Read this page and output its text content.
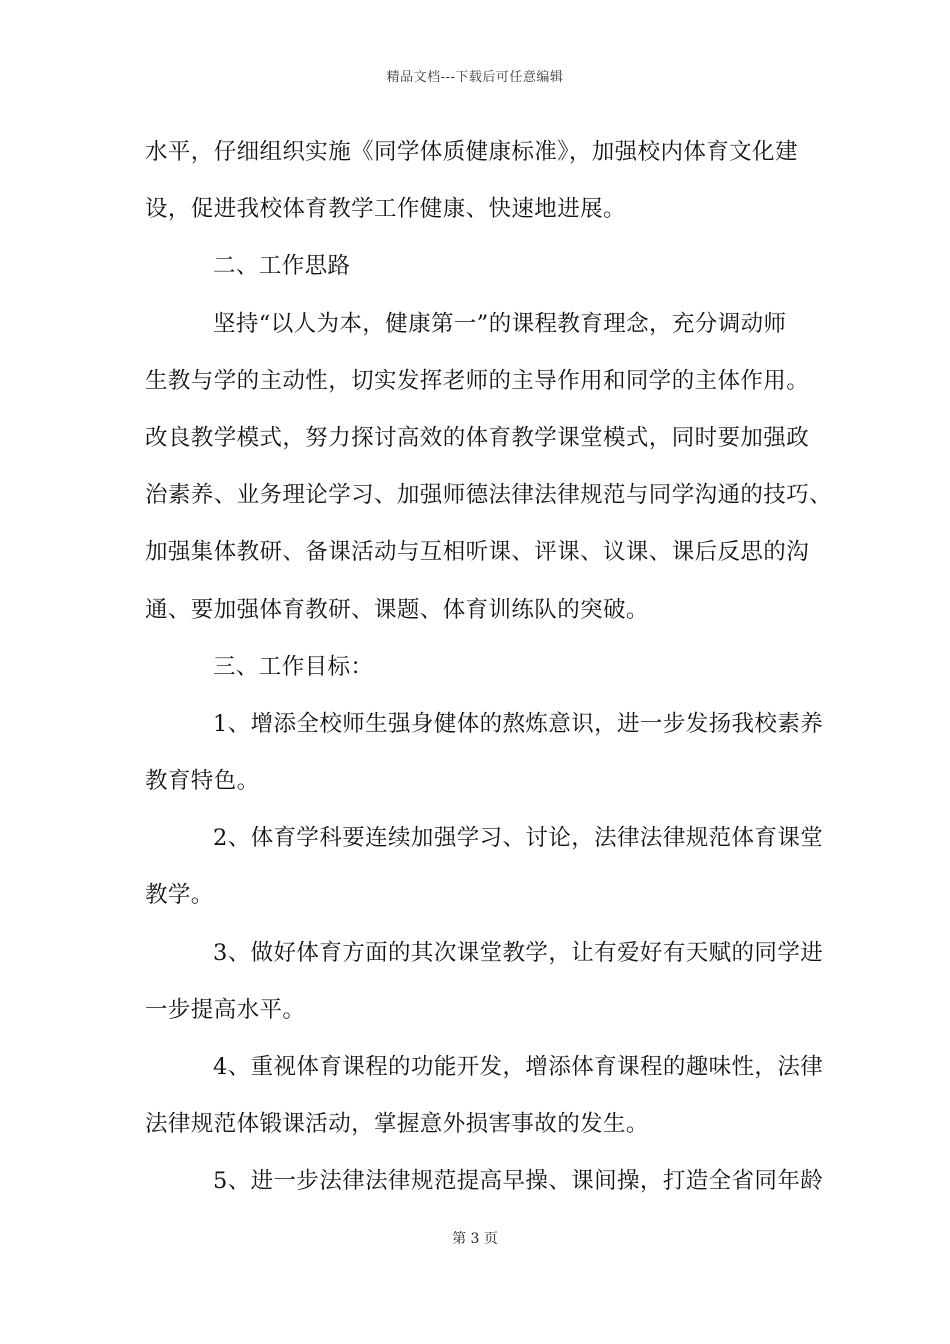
精品文档---下载后可任意编辑
水平，仔细组织实施《同学体质健康标准》，加强校内体育文化建
设，促进我校体育教学工作健康、快速地进展。
二、工作思路
坚持“以人为本，健康第一”的课程教育理念，充分调动师
生教与学的主动性，切实发挥老师的主导作用和同学的主体作用。
改良教学模式，努力探讨高效的体育教学课堂模式，同时要加强政
治素养、业务理论学习、加强师德法律法律规范与同学沟通的技巧、
加强集体教研、备课活动与互相听课、评课、议课、课后反思的沟
通、要加强体育教研、课题、体育训练队的突破。
三、工作目标：
1、增添全校师生强身健体的熬炼意识，进一步发扬我校素养
教育特色。
2、体育学科要连续加强学习、讨论，法律法律规范体育课堂
教学。
3、做好体育方面的其次课堂教学，让有爱好有天赋的同学进
一步提高水平。
4、重视体育课程的功能开发，增添体育课程的趣味性，法律
法律规范体锻课活动，掌握意外损害事故的发生。
5、进一步法律法律规范提高早操、课间操，打造全省同年龄
第 3 页
